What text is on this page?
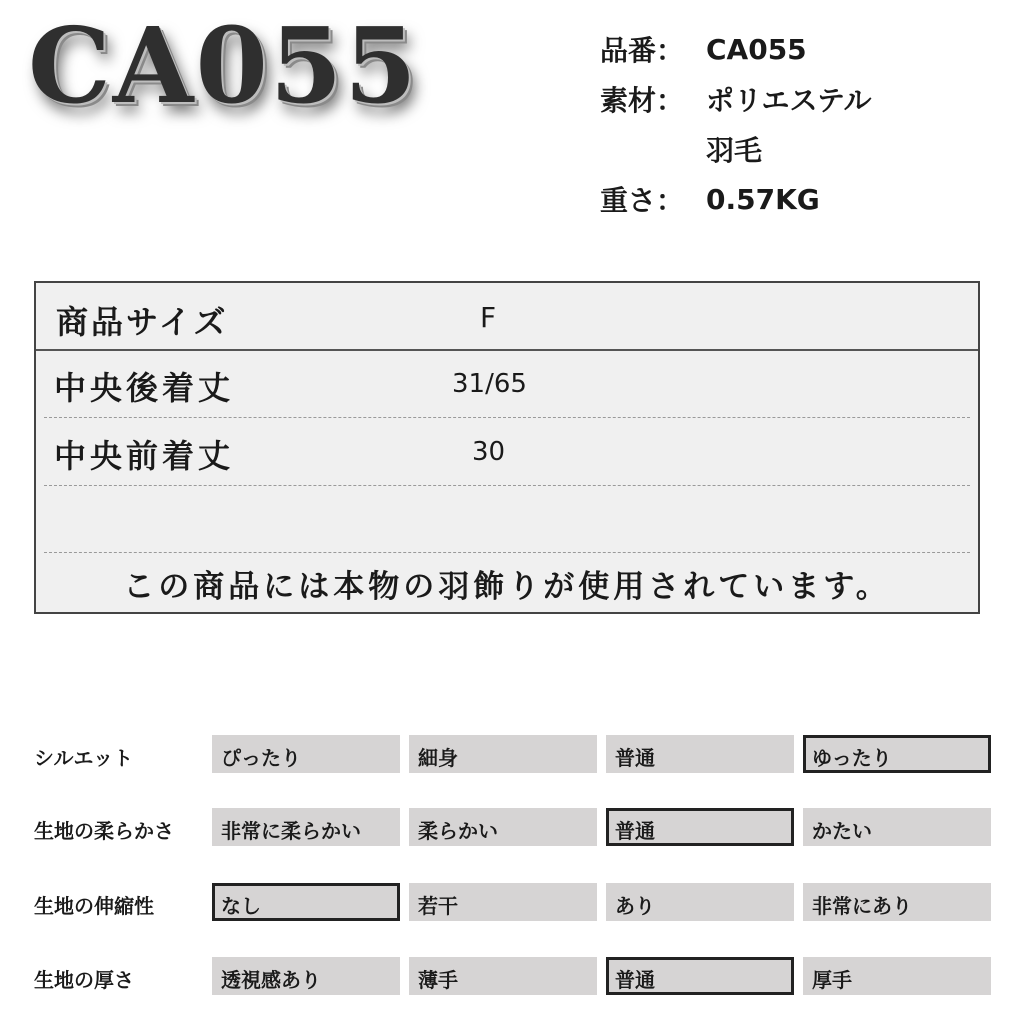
CA055	品番： CA055
素材： ポリエステル
羽毛
重さ： 0.57KG
商品サイズ	F
中央後着丈	31/65
中央前着丈	30
この商品には本物の羽飾りが使用されています。
シルエット	ぴったり	細身	普通	ゆったり
生地の柔らかさ	非常に柔らかい	柔らかい	普通	かたい
生地の伸縮性	なし	若干	あり	非常にあり
生地の厚さ	透視感あり	薄手	普通	厚手
